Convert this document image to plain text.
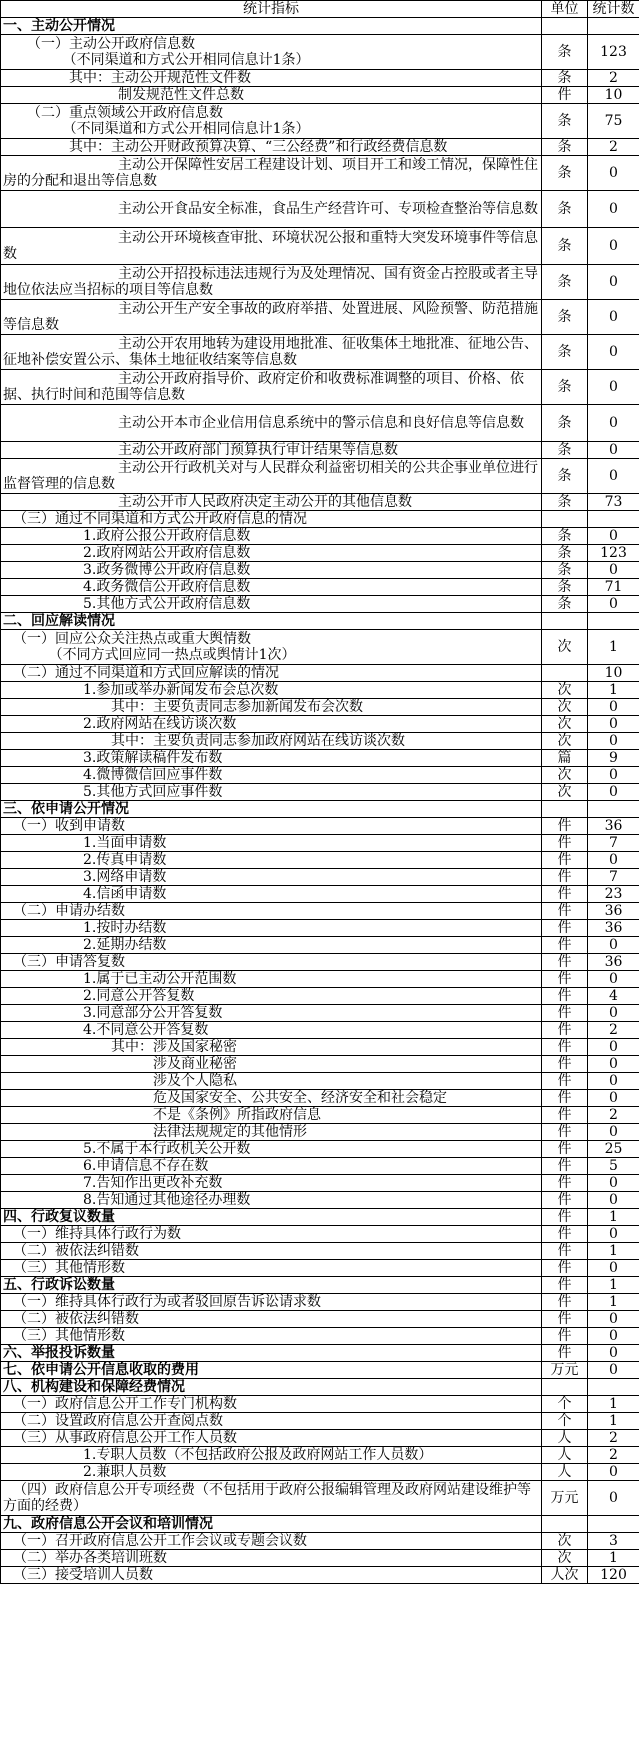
统计指标	单位	统计数
一、主动公开情况		
（一）主动公开政府信息数
（不同渠道和方式公开相同信息计1条）	条	123
其中：主动公开规范性文件数	条	2
制发规范性文件总数	件	10
（二）重点领域公开政府信息数
（不同渠道和方式公开相同信息计1条）	条	75
其中：主动公开财政预算决算、“三公经费”和行政经费信息数	条	2
主动公开保障性安居工程建设计划、项目开工和竣工情况，保障性住房的分配和退出等信息数	条	0
主动公开食品安全标准，食品生产经营许可、专项检查整治等信息数	条	0
主动公开环境核查审批、环境状况公报和重特大突发环境事件等信息数	条	0
主动公开招投标违法违规行为及处理情况、国有资金占控股或者主导地位依法应当招标的项目等信息数	条	0
主动公开生产安全事故的政府举措、处置进展、风险预警、防范措施等信息数	条	0
主动公开农用地转为建设用地批准、征收集体土地批准、征地公告、征地补偿安置公示、集体土地征收结案等信息数	条	0
主动公开政府指导价、政府定价和收费标准调整的项目、价格、依据、执行时间和范围等信息数	条	0
主动公开本市企业信用信息系统中的警示信息和良好信息等信息数	条	0
主动公开政府部门预算执行审计结果等信息数	条	0
主动公开行政机关对与人民群众利益密切相关的公共企事业单位进行监督管理的信息数	条	0
主动公开市人民政府决定主动公开的其他信息数	条	73
（三）通过不同渠道和方式公开政府信息的情况		
1.政府公报公开政府信息数	条	0
2.政府网站公开政府信息数	条	123
3.政务微博公开政府信息数	条	0
4.政务微信公开政府信息数	条	71
5.其他方式公开政府信息数	条	0
二、回应解读情况		
（一）回应公众关注热点或重大舆情数
（不同方式回应同一热点或舆情计1次）	次	1
（二）通过不同渠道和方式回应解读的情况		10
1.参加或举办新闻发布会总次数	次	1
其中：主要负责同志参加新闻发布会次数	次	0
2.政府网站在线访谈次数	次	0
其中：主要负责同志参加政府网站在线访谈次数	次	0
3.政策解读稿件发布数	篇	9
4.微博微信回应事件数	次	0
5.其他方式回应事件数	次	0
三、依申请公开情况		
（一）收到申请数	件	36
1.当面申请数	件	7
2.传真申请数	件	0
3.网络申请数	件	7
4.信函申请数	件	23
（二）申请办结数	件	36
1.按时办结数	件	36
2.延期办结数	件	0
（三）申请答复数	件	36
1.属于已主动公开范围数	件	0
2.同意公开答复数	件	4
3.同意部分公开答复数	件	0
4.不同意公开答复数	件	2
其中：涉及国家秘密	件	0
涉及商业秘密	件	0
涉及个人隐私	件	0
危及国家安全、公共安全、经济安全和社会稳定	件	0
不是《条例》所指政府信息	件	2
法律法规规定的其他情形	件	0
5.不属于本行政机关公开数	件	25
6.申请信息不存在数	件	5
7.告知作出更改补充数	件	0
8.告知通过其他途径办理数	件	0
四、行政复议数量	件	1
（一）维持具体行政行为数	件	0
（二）被依法纠错数	件	1
（三）其他情形数	件	0
五、行政诉讼数量	件	1
（一）维持具体行政行为或者驳回原告诉讼请求数	件	1
（二）被依法纠错数	件	0
（三）其他情形数	件	0
六、举报投诉数量	件	0
七、依申请公开信息收取的费用	万元	0
八、机构建设和保障经费情况		
（一）政府信息公开工作专门机构数	个	1
（二）设置政府信息公开查阅点数	个	1
（三）从事政府信息公开工作人员数	人	2
1.专职人员数（不包括政府公报及政府网站工作人员数）	人	2
2.兼职人员数	人	0
（四）政府信息公开专项经费（不包括用于政府公报编辑管理及政府网站建设维护等方面的经费）	万元	0
九、政府信息公开会议和培训情况		
（一）召开政府信息公开工作会议或专题会议数	次	3
（二）举办各类培训班数	次	1
（三）接受培训人员数	人次	120
